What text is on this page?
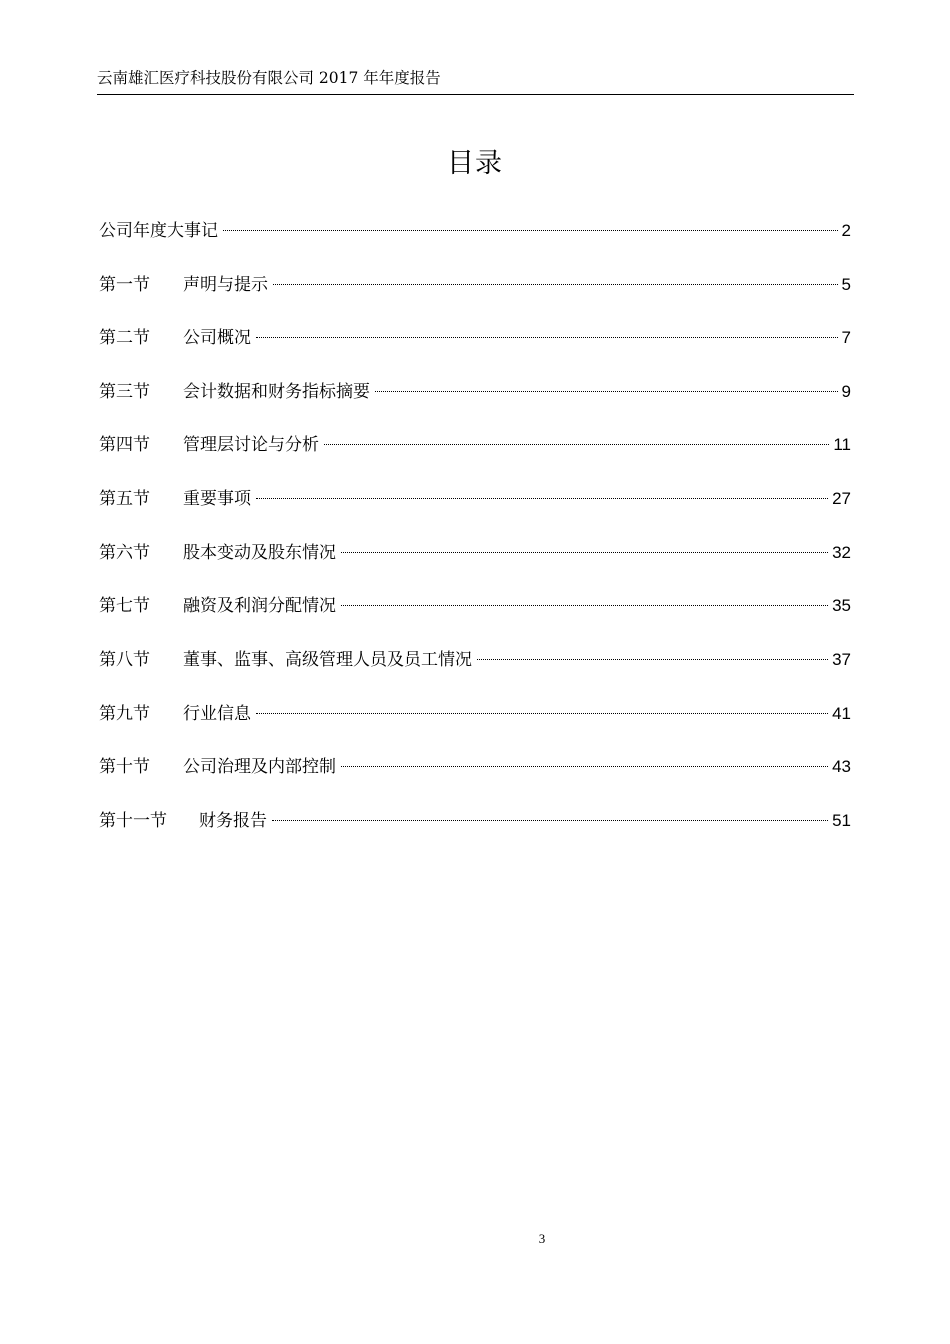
云南雄汇医疗科技股份有限公司 2017 年年度报告
目录
公司年度大事记	2
第一节	声明与提示	5
第二节	公司概况	7
第三节	会计数据和财务指标摘要	9
第四节	管理层讨论与分析	11
第五节	重要事项	27
第六节	股本变动及股东情况	32
第七节	融资及利润分配情况	35
第八节	董事、监事、高级管理人员及员工情况	37
第九节	行业信息	41
第十节	公司治理及内部控制	43
第十一节	财务报告	51
3
